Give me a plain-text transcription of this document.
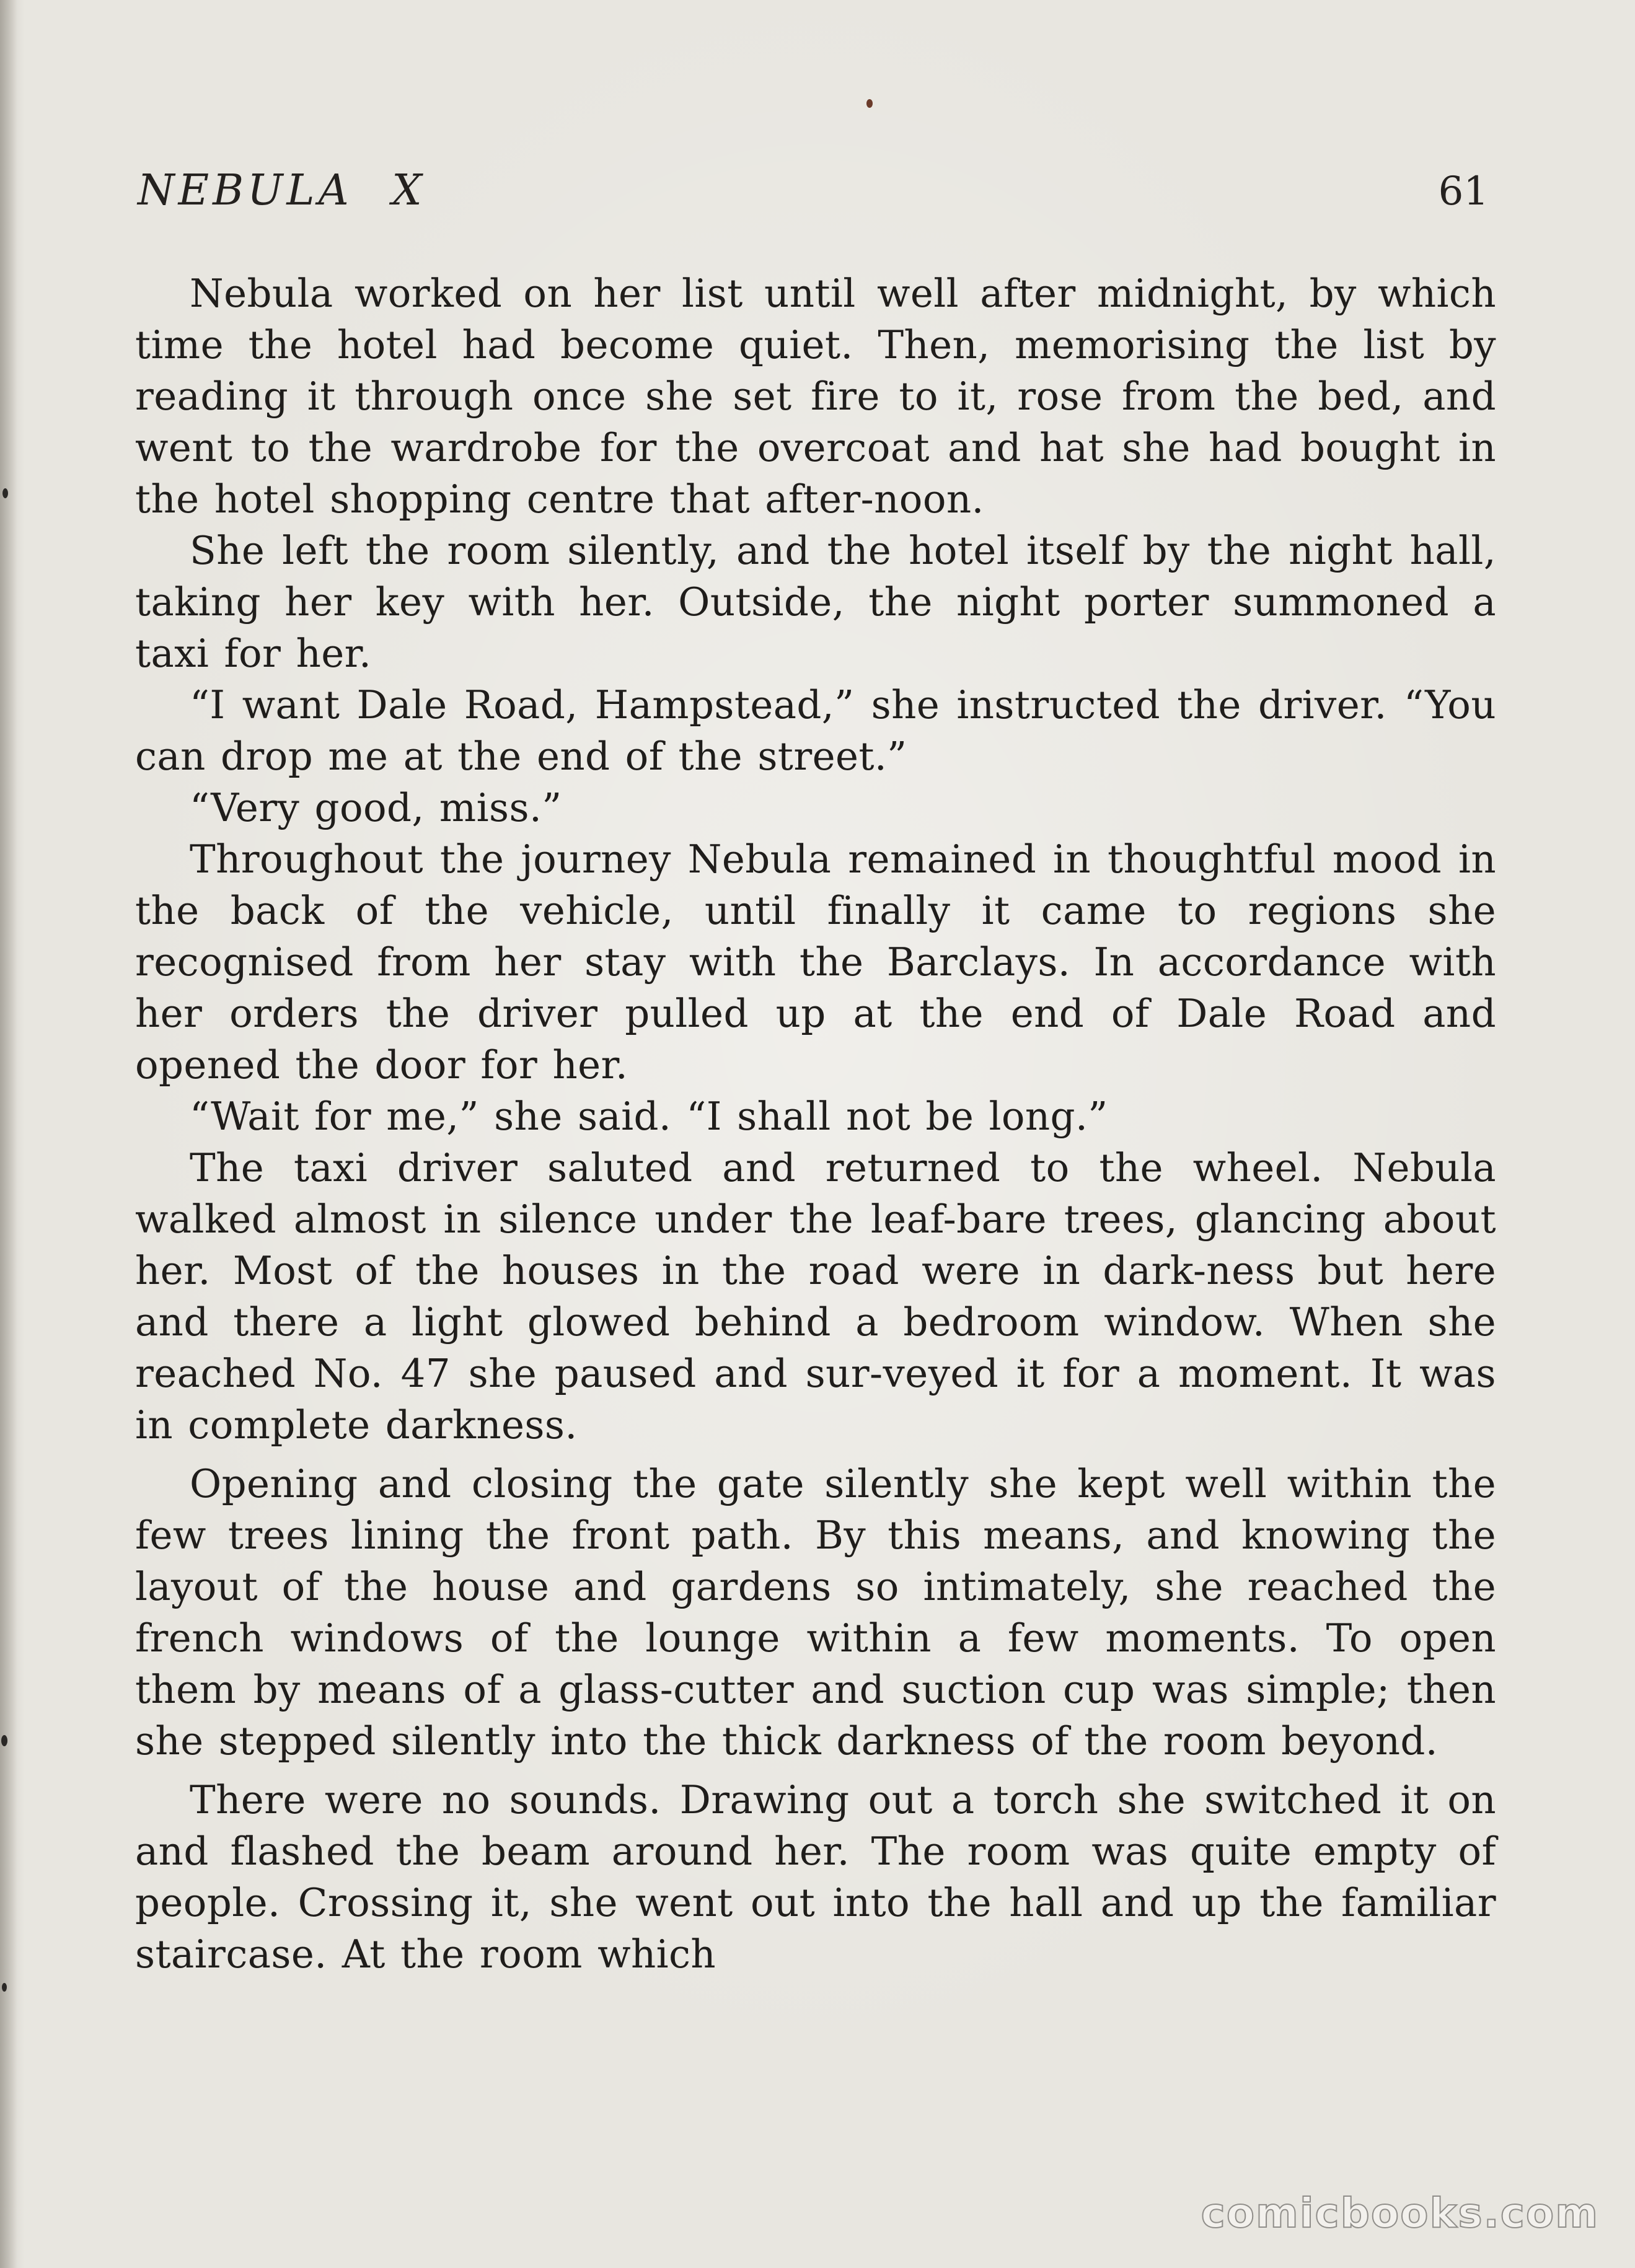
NEBULA X	61

Nebula worked on her list until well after midnight, by which time the hotel had become quiet. Then, memorising the list by reading it through once she set fire to it, rose from the bed, and went to the wardrobe for the overcoat and hat she had bought in the hotel shopping centre that after-noon.

She left the room silently, and the hotel itself by the night hall, taking her key with her. Outside, the night porter summoned a taxi for her.

“I want Dale Road, Hampstead,” she instructed the driver. “You can drop me at the end of the street.”

“Very good, miss.”

Throughout the journey Nebula remained in thoughtful mood in the back of the vehicle, until finally it came to regions she recognised from her stay with the Barclays. In accordance with her orders the driver pulled up at the end of Dale Road and opened the door for her.

“Wait for me,” she said. “I shall not be long.”

The taxi driver saluted and returned to the wheel. Nebula walked almost in silence under the leaf-bare trees, glancing about her. Most of the houses in the road were in dark-ness but here and there a light glowed behind a bedroom window. When she reached No. 47 she paused and sur-veyed it for a moment. It was in complete darkness.

Opening and closing the gate silently she kept well within the few trees lining the front path. By this means, and knowing the layout of the house and gardens so intimately, she reached the french windows of the lounge within a few moments. To open them by means of a glass-cutter and suction cup was simple; then she stepped silently into the thick darkness of the room beyond.

There were no sounds. Drawing out a torch she switched it on and flashed the beam around her. The room was quite empty of people. Crossing it, she went out into the hall and up the familiar staircase. At the room which

comicbooks.com
